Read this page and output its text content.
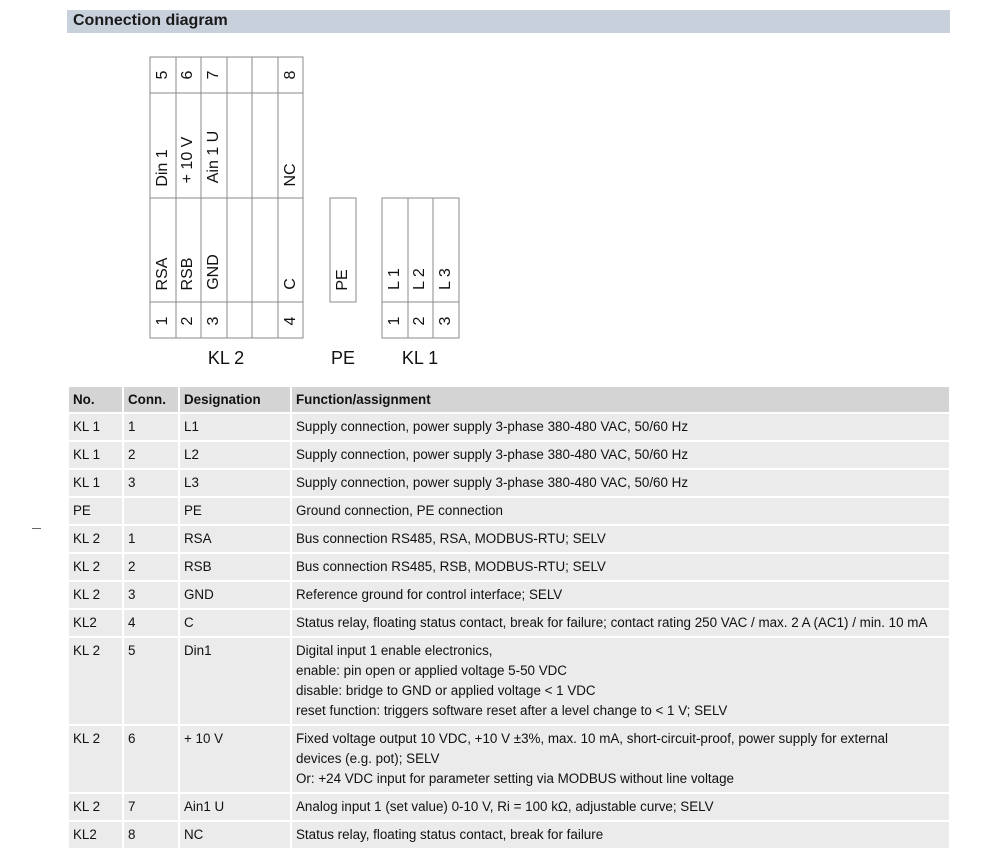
Connection diagram
5 6 7	8
Din 1 + 10 V Ain 1 U	NC
RSA RSB GND	C
1 2 3	4
PE L 1 L 2 L 3
1 2 3
KL 2	PE	KL 1
No.	Conn.	Designation	Function/assignment
KL 1	1	L1	Supply connection, power supply 3-phase 380-480 VAC, 50/60 Hz

KL 1	2	L2	Supply connection, power supply 3-phase 380-480 VAC, 50/60 Hz

KL 1	3	L3	Supply connection, power supply 3-phase 380-480 VAC, 50/60 Hz

PE		PE	Ground connection, PE connection

KL 2	1	RSA	Bus connection RS485, RSA, MODBUS-RTU; SELV

KL 2	2	RSB	Bus connection RS485, RSB, MODBUS-RTU; SELV

KL 2	3	GND	Reference ground for control interface; SELV

KL2	4	C	Status relay, floating status contact, break for failure; contact rating 250 VAC / max. 2 A (AC1) / min. 10 mA

KL 2	5	Din1	Digital input 1 enable electronics,
enable: pin open or applied voltage 5-50 VDC
disable: bridge to GND or applied voltage < 1 VDC
reset function: triggers software reset after a level change to < 1 V; SELV

KL 2	6	+ 10 V	Fixed voltage output 10 VDC, +10 V ±3%, max. 10 mA, short-circuit-proof, power supply for external
devices (e.g. pot); SELV
Or: +24 VDC input for parameter setting via MODBUS without line voltage

KL 2	7	Ain1 U	Analog input 1 (set value) 0-10 V, Ri = 100 kΩ, adjustable curve; SELV

KL2	8	NC	Status relay, floating status contact, break for failure
